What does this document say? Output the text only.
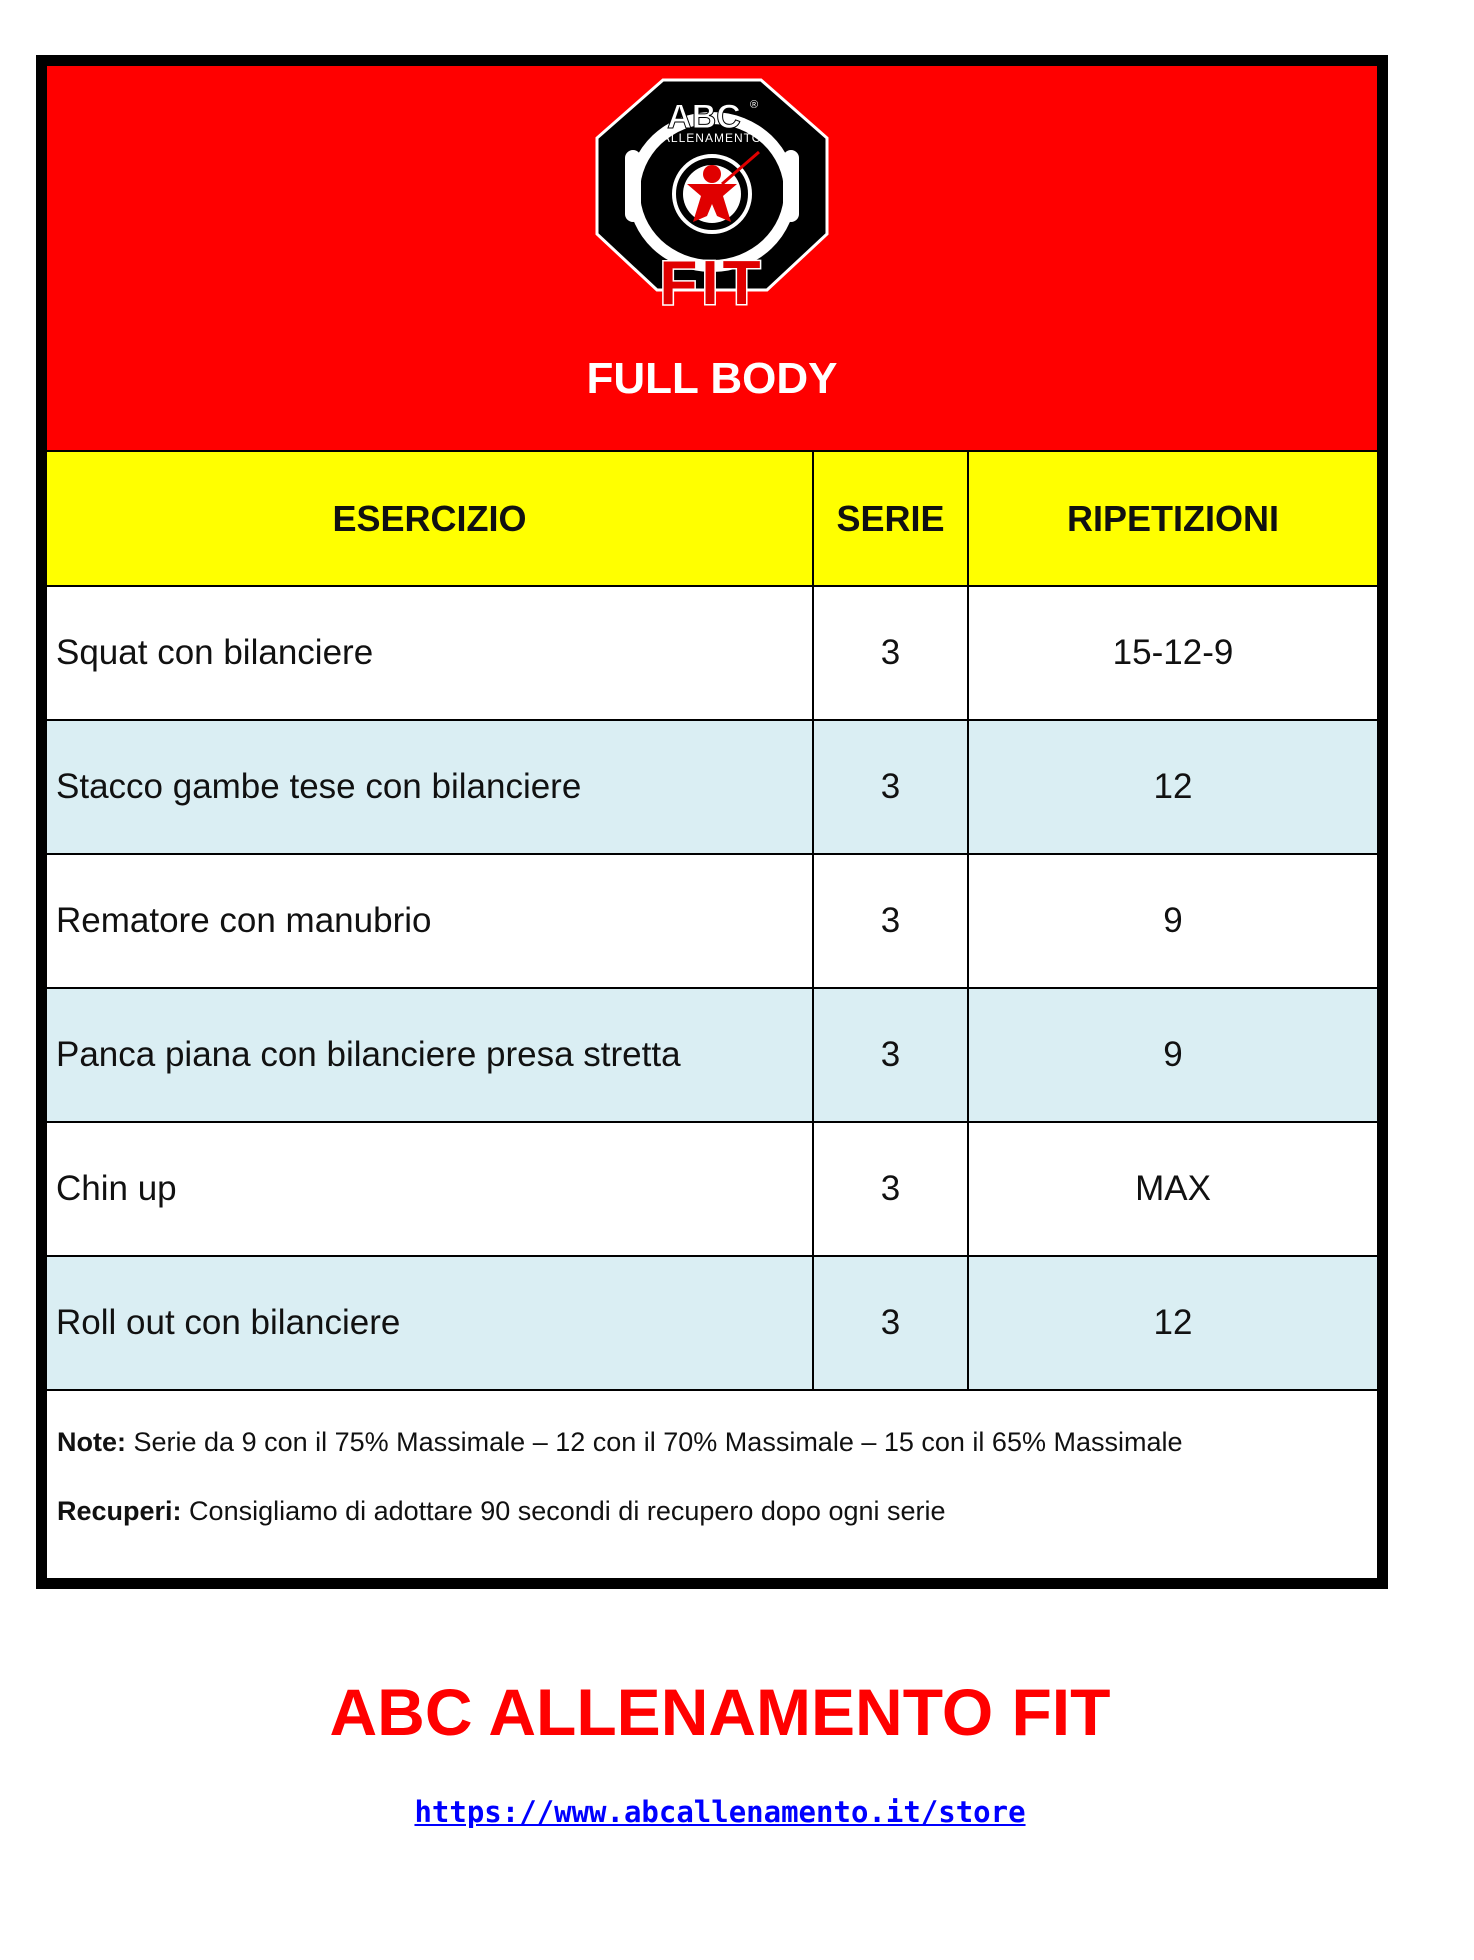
ABC ®
ALLENAMENTO
FIT
FULL BODY
ESERCIZIO	SERIE	RIPETIZIONI
Squat con bilanciere	3	15-12-9
Stacco gambe tese con bilanciere	3	12
Rematore con manubrio	3	9
Panca piana con bilanciere presa stretta	3	9
Chin up	3	MAX
Roll out con bilanciere	3	12

Note: Serie da 9 con il 75% Massimale – 12 con il 70% Massimale – 15 con il 65% Massimale

Recuperi: Consigliamo di adottare 90 secondi di recupero dopo ogni serie

ABC ALLENAMENTO FIT
https://www.abcallenamento.it/store
